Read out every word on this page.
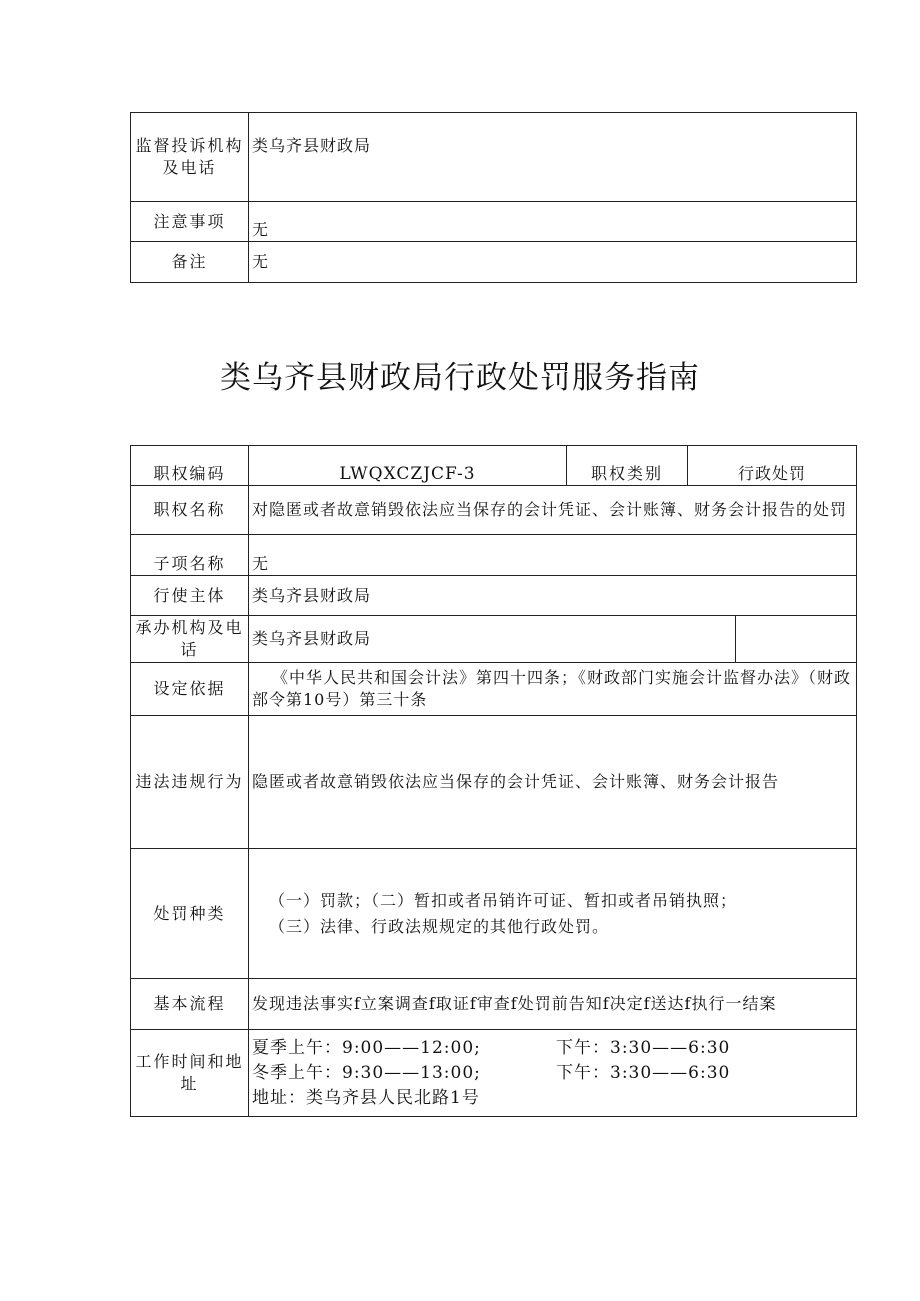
监督投诉机构及电话	类乌齐县财政局
注意事项	无
备注	无
类乌齐县财政局行政处罚服务指南
职权编码	LWQXCZJCF-3	职权类别	行政处罚	
职权名称	对隐匿或者故意销毁依法应当保存的会计凭证、会计账簿、财务会计报告的处罚			
子项名称	无			
行使主体	类乌齐县财政局			
承办机构及电话	类乌齐县财政局			
设定依据	《中华人民共和国会计法》第四十四条；《财政部门实施会计监督办法》（财政部令第10号）第三十条			
违法违规行为	隐匿或者故意销毁依法应当保存的会计凭证、会计账簿、财务会计报告			
处罚种类	（一）罚款；（二）暂扣或者吊销许可证、暂扣或者吊销执照；
（三）法律、行政法规规定的其他行政处罚。			

基本流程	发现违法事实f立案调查f取证f审查f处罚前告知f决定f送达f执行一结案			
工作时间和地址	夏季上午：9:00——12:00; 下午：3:30——6:30
冬季上午：9:30——13:00; 下午：3:30——6:30
地址：类乌齐县人民北路1号			
